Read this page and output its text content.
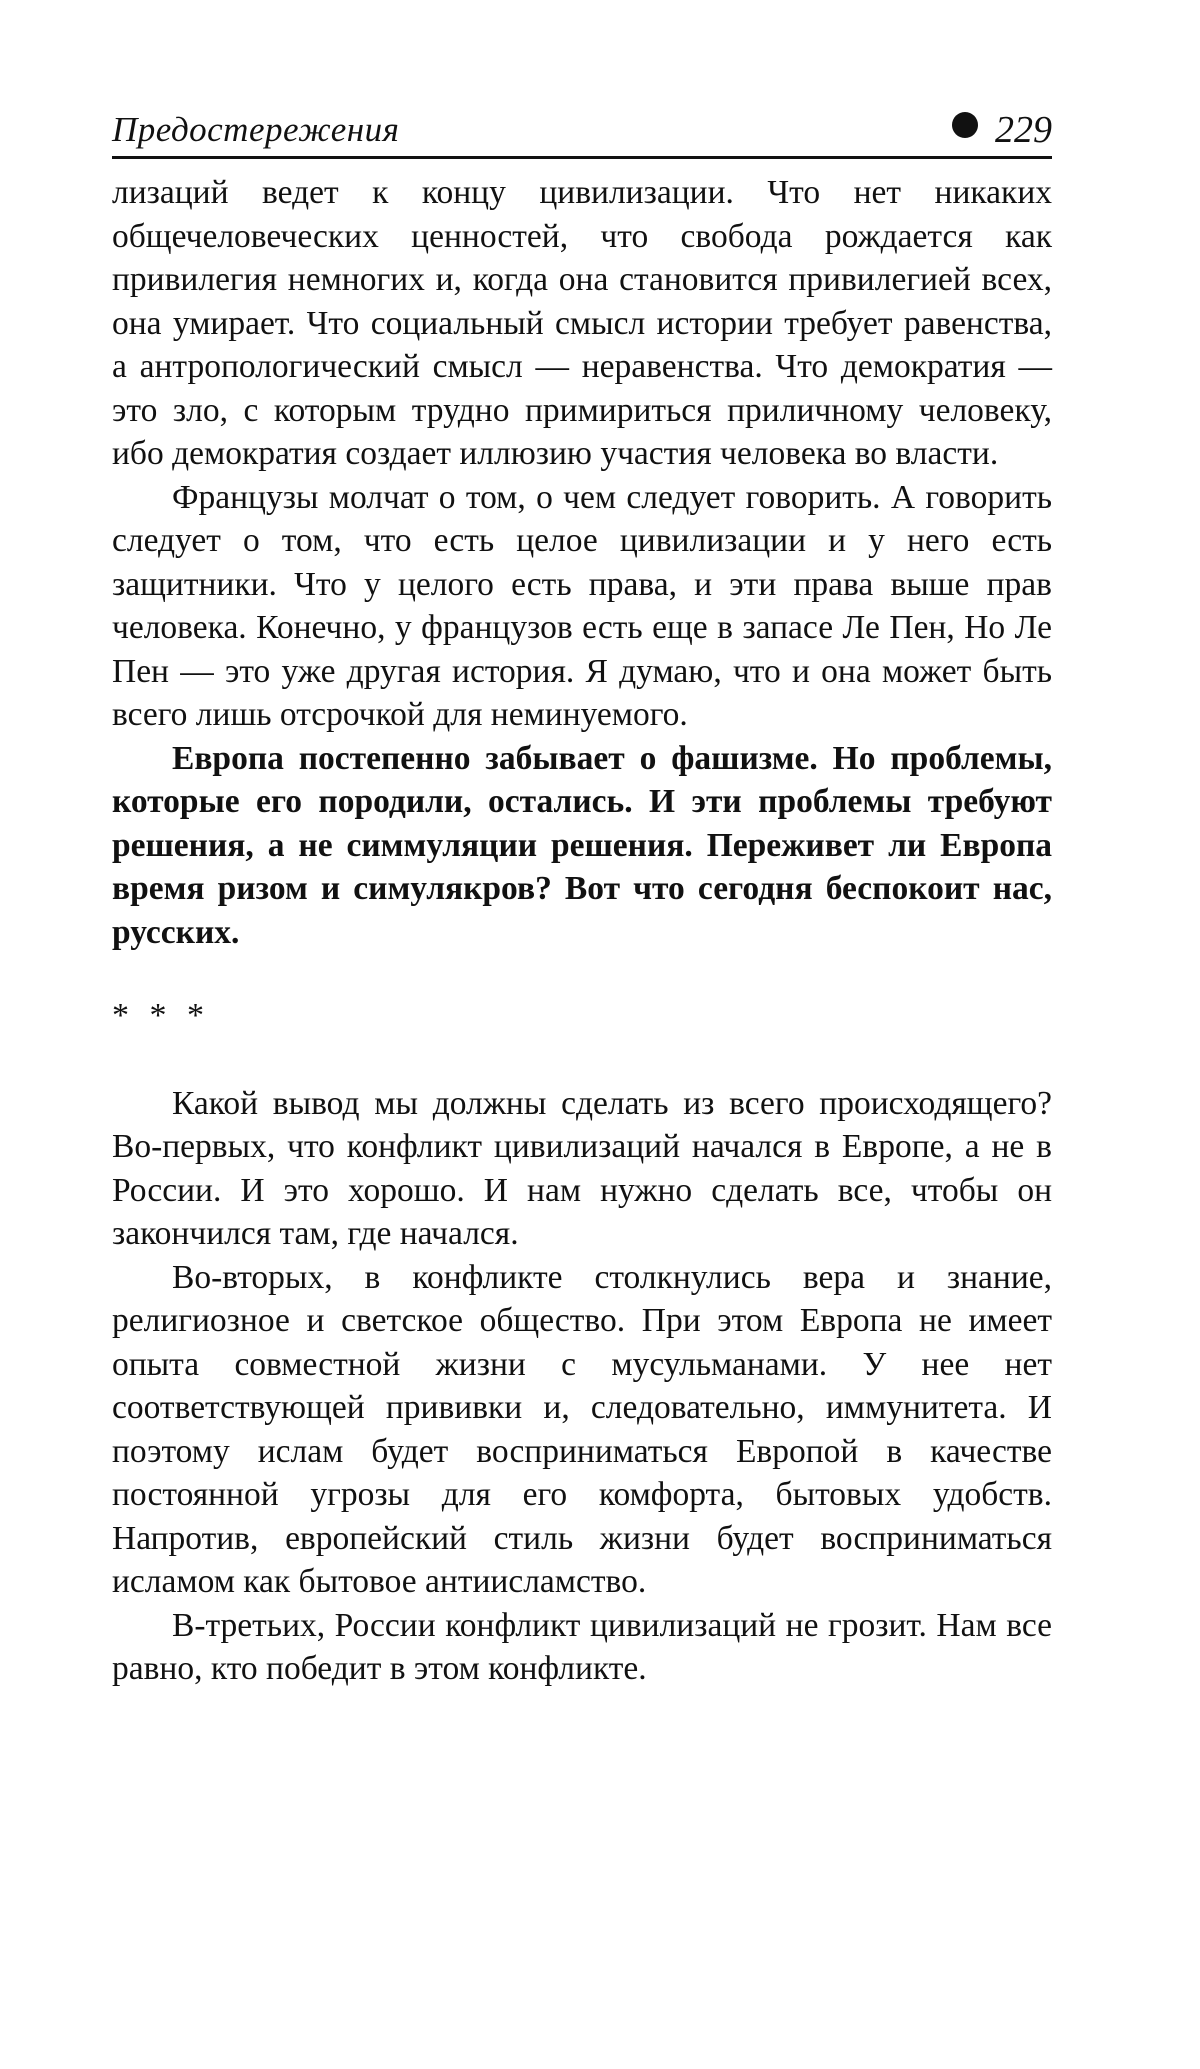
Предостережения	229

лизаций ведет к концу цивилизации. Что нет никаких общечеловеческих ценностей, что свобода рождается как привилегия немногих и, когда она становится привилегией всех, она умирает. Что социальный смысл истории требует равенства, а антропологический смысл — неравенства. Что демократия — это зло, с которым трудно примириться приличному человеку, ибо демократия создает иллюзию участия человека во власти.

Французы молчат о том, о чем следует говорить. А говорить следует о том, что есть целое цивилизации и у него есть защитники. Что у целого есть права, и эти права выше прав человека. Конечно, у французов есть еще в запасе Ле Пен, Но Ле Пен — это уже другая история. Я думаю, что и она может быть всего лишь отсрочкой для неминуемого.

Европа постепенно забывает о фашизме. Но проблемы, которые его породили, остались. И эти проблемы требуют решения, а не симмуляции решения. Переживет ли Европа время ризом и симулякров? Вот что сегодня беспокоит нас, русских.

* * *

Какой вывод мы должны сделать из всего происходящего? Во-первых, что конфликт цивилизаций начался в Европе, а не в России. И это хорошо. И нам нужно сделать все, чтобы он закончился там, где начался.

Во-вторых, в конфликте столкнулись вера и знание, религиозное и светское общество. При этом Европа не имеет опыта совместной жизни с мусульманами. У нее нет соответствующей прививки и, следовательно, иммунитета. И поэтому ислам будет восприниматься Европой в качестве постоянной угрозы для его комфорта, бытовых удобств. Напротив, европейский стиль жизни будет восприниматься исламом как бытовое антиисламство.

В-третьих, России конфликт цивилизаций не грозит. Нам все равно, кто победит в этом конфликте.
